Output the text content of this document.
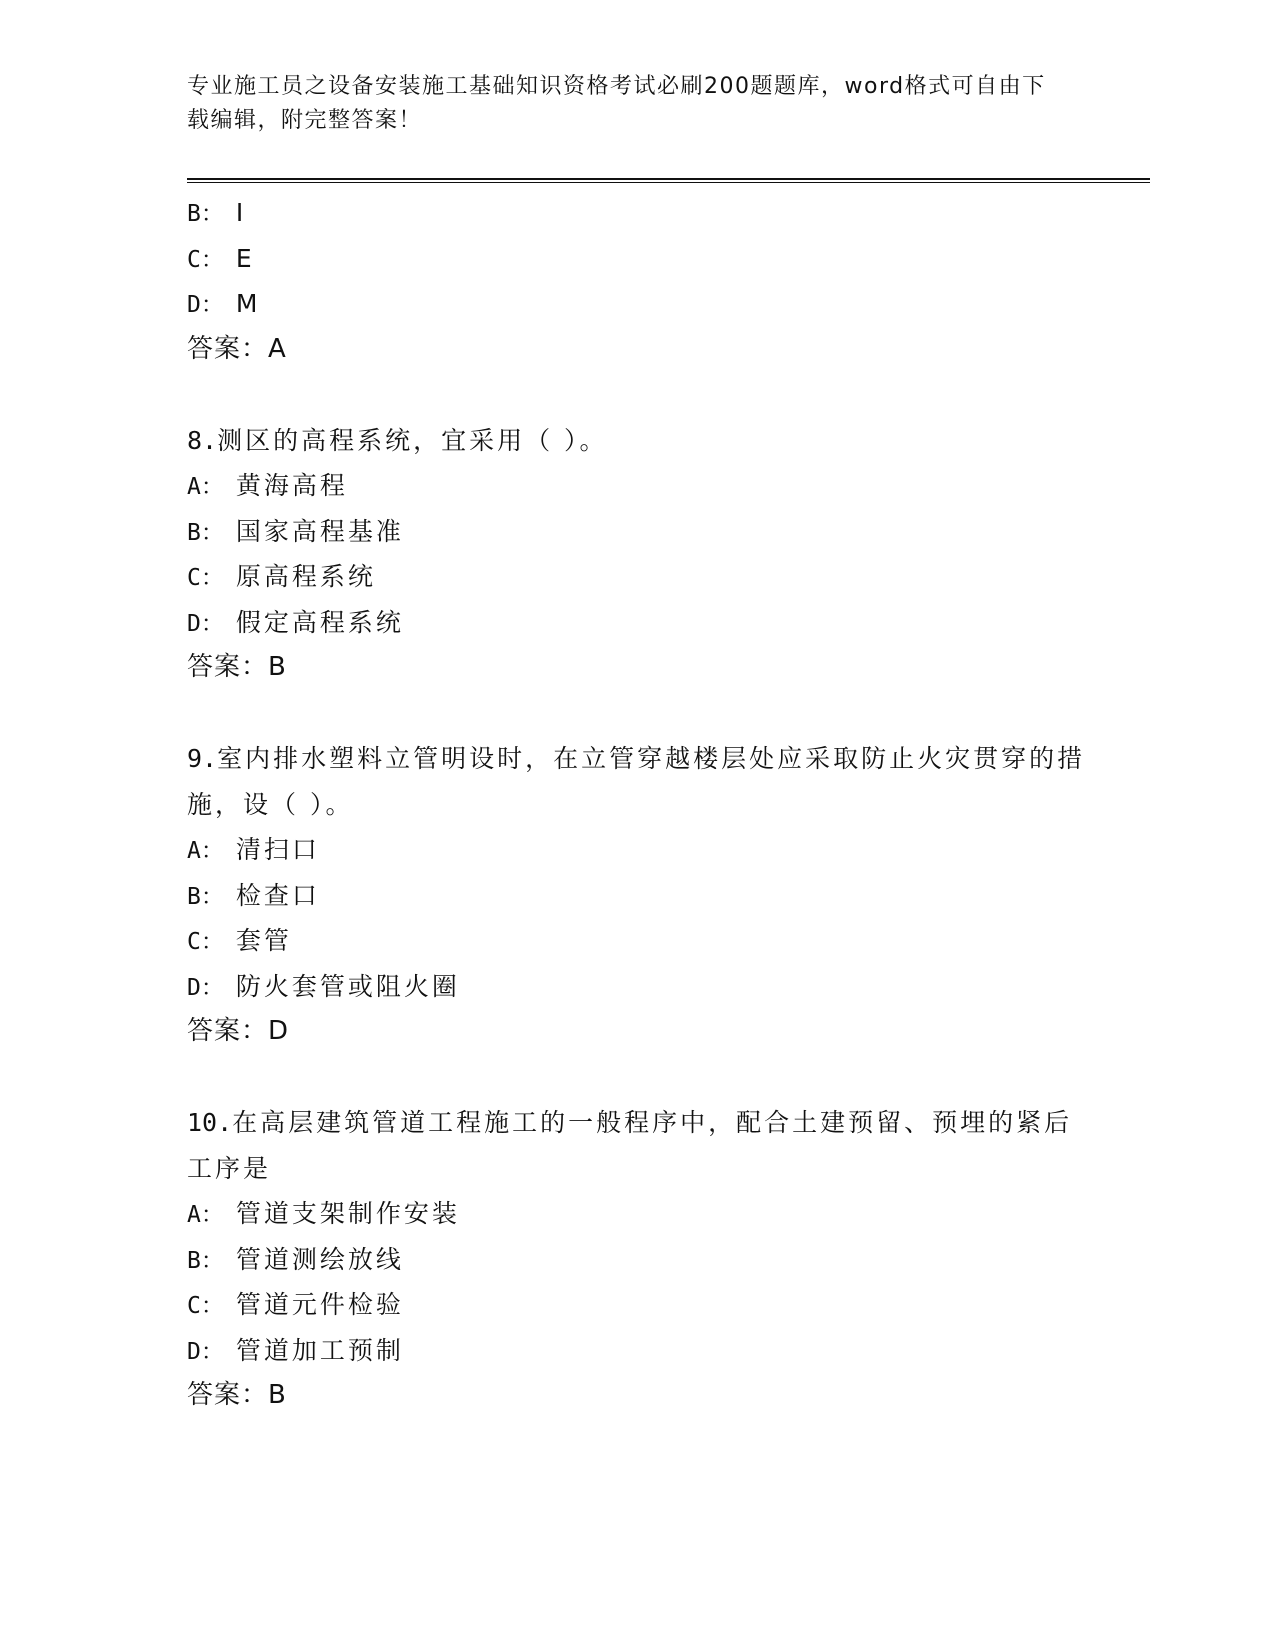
专业施工员之设备安装施工基础知识资格考试必刷200题题库，word格式可自由下载编辑，附完整答案！
B： I
C： E
D： M
答案：A
8.测区的高程系统，宜采用（ ）。
A： 黄海高程
B： 国家高程基准
C： 原高程系统
D： 假定高程系统
答案：B
9.室内排水塑料立管明设时，在立管穿越楼层处应采取防止火灾贯穿的措施，设（ ）。
A： 清扫口
B： 检查口
C： 套管
D： 防火套管或阻火圈
答案：D
10.在高层建筑管道工程施工的一般程序中，配合土建预留、预埋的紧后工序是
A： 管道支架制作安装
B： 管道测绘放线
C： 管道元件检验
D： 管道加工预制
答案：B
